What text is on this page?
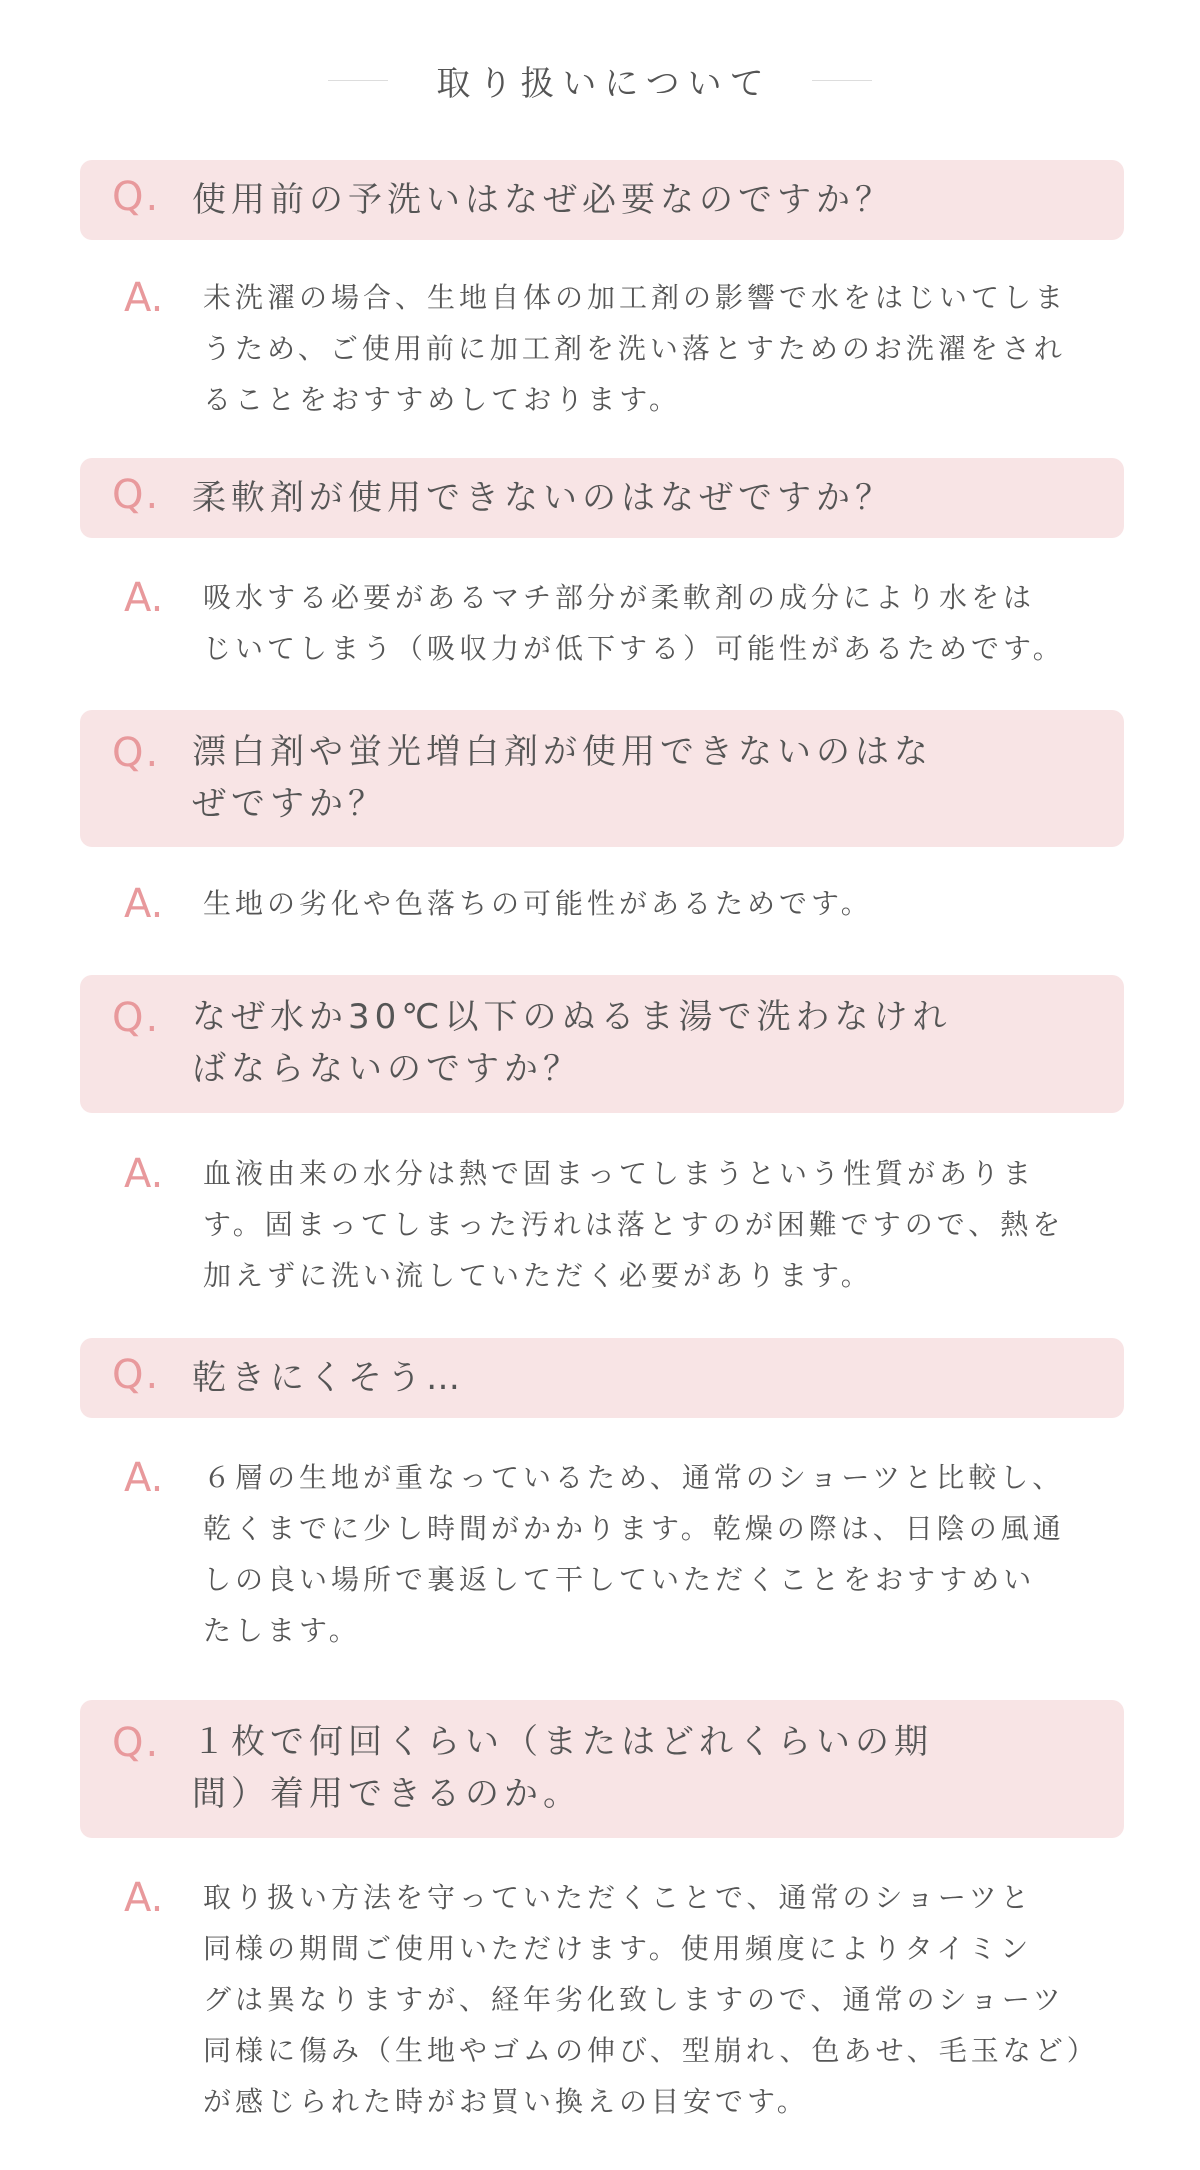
取り扱いについて
Q. 使用前の予洗いはなぜ必要なのですか？
A. 未洗濯の場合、生地自体の加工剤の影響で水をはじいてしま
うため、ご使用前に加工剤を洗い落とすためのお洗濯をされ
ることをおすすめしております。
Q. 柔軟剤が使用できないのはなぜですか？
A. 吸水する必要があるマチ部分が柔軟剤の成分により水をは
じいてしまう（吸収力が低下する）可能性があるためです。
Q. 漂白剤や蛍光増白剤が使用できないのはな
ぜですか？
A. 生地の劣化や色落ちの可能性があるためです。
Q. なぜ水か30℃以下のぬるま湯で洗わなけれ
ばならないのですか？
A. 血液由来の水分は熱で固まってしまうという性質がありま
す。固まってしまった汚れは落とすのが困難ですので、熱を
加えずに洗い流していただく必要があります。
Q. 乾きにくそう…
A. ６層の生地が重なっているため、通常のショーツと比較し、
乾くまでに少し時間がかかります。乾燥の際は、日陰の風通
しの良い場所で裏返して干していただくことをおすすめい
たします。
Q. １枚で何回くらい（またはどれくらいの期
間）着用できるのか。
A. 取り扱い方法を守っていただくことで、通常のショーツと
同様の期間ご使用いただけます。使用頻度によりタイミン
グは異なりますが、経年劣化致しますので、通常のショーツ
同様に傷み（生地やゴムの伸び、型崩れ、色あせ、毛玉など）
が感じられた時がお買い換えの目安です。
